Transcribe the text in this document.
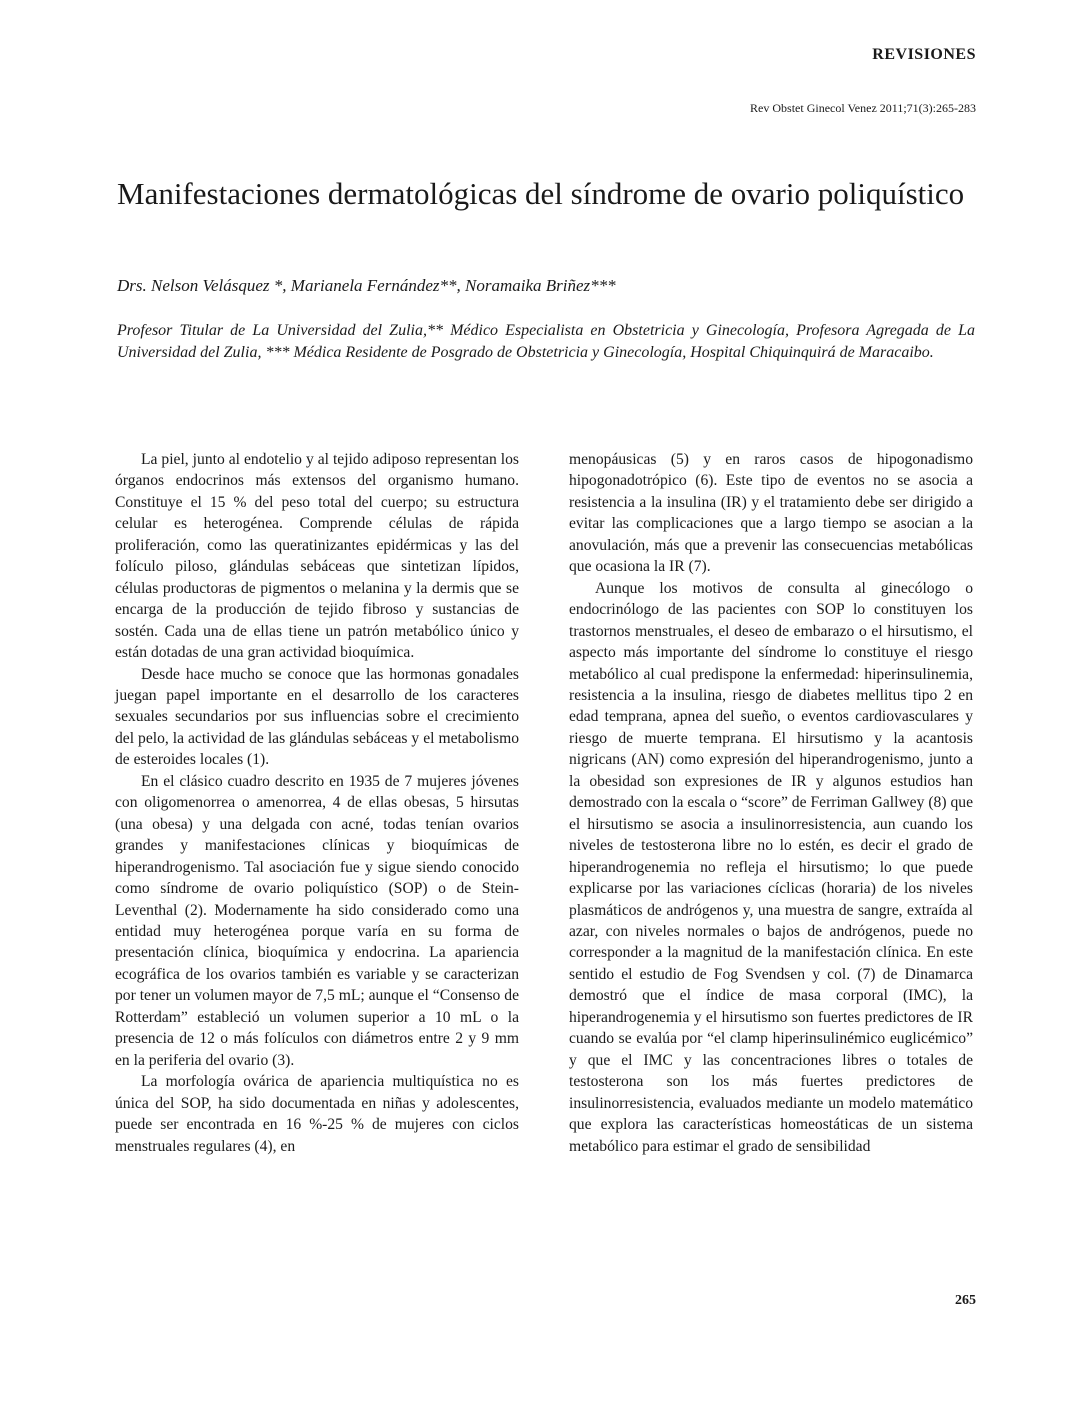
REVISIONES
Rev Obstet Ginecol Venez 2011;71(3):265-283
Manifestaciones dermatológicas del síndrome de ovario poliquístico
Drs. Nelson Velásquez *, Marianela Fernández**, Noramaika Briñez***
Profesor Titular de La Universidad del Zulia,** Médico Especialista en Obstetricia y Ginecología, Profesora Agregada de La Universidad del Zulia, *** Médica Residente de Posgrado de Obstetricia y Ginecología, Hospital Chiquinquirá de Maracaibo.

La piel, junto al endotelio y al tejido adiposo representan los órganos endocrinos más extensos del organismo humano. Constituye el 15 % del peso total del cuerpo; su estructura celular es heterogénea. Comprende células de rápida proliferación, como las queratinizantes epidérmicas y las del folículo piloso, glándulas sebáceas que sintetizan lípidos, células productoras de pigmentos o melanina y la dermis que se encarga de la producción de tejido fibroso y sustancias de sostén. Cada una de ellas tiene un patrón metabólico único y están dotadas de una gran actividad bioquímica.

Desde hace mucho se conoce que las hormonas gonadales juegan papel importante en el desarrollo de los caracteres sexuales secundarios por sus influencias sobre el crecimiento del pelo, la actividad de las glándulas sebáceas y el metabolismo de esteroides locales (1).

En el clásico cuadro descrito en 1935 de 7 mujeres jóvenes con oligomenorrea o amenorrea, 4 de ellas obesas, 5 hirsutas (una obesa) y una delgada con acné, todas tenían ovarios grandes y manifestaciones clínicas y bioquímicas de hiperandrogenismo. Tal asociación fue y sigue siendo conocido como síndrome de ovario poliquístico (SOP) o de Stein-Leventhal (2). Modernamente ha sido considerado como una entidad muy heterogénea porque varía en su forma de presentación clínica, bioquímica y endocrina. La apariencia ecográfica de los ovarios también es variable y se caracterizan por tener un volumen mayor de 7,5 mL; aunque el “Consenso de Rotterdam” estableció un volumen superior a 10 mL o la presencia de 12 o más folículos con diámetros entre 2 y 9 mm en la periferia del ovario (3).

La morfología ovárica de apariencia multiquística no es única del SOP, ha sido documentada en niñas y adolescentes, puede ser encontrada en 16 %-25 % de mujeres con ciclos menstruales regulares (4), en

menopáusicas (5) y en raros casos de hipogonadismo hipogonadotrópico (6). Este tipo de eventos no se asocia a resistencia a la insulina (IR) y el tratamiento debe ser dirigido a evitar las complicaciones que a largo tiempo se asocian a la anovulación, más que a prevenir las consecuencias metabólicas que ocasiona la IR (7).

Aunque los motivos de consulta al ginecólogo o endocrinólogo de las pacientes con SOP lo constituyen los trastornos menstruales, el deseo de embarazo o el hirsutismo, el aspecto más importante del síndrome lo constituye el riesgo metabólico al cual predispone la enfermedad: hiperinsulinemia, resistencia a la insulina, riesgo de diabetes mellitus tipo 2 en edad temprana, apnea del sueño, o eventos cardiovasculares y riesgo de muerte temprana. El hirsutismo y la acantosis nigricans (AN) como expresión del hiperandrogenismo, junto a la obesidad son expresiones de IR y algunos estudios han demostrado con la escala o “score” de Ferriman Gallwey (8) que el hirsutismo se asocia a insulinorresistencia, aun cuando los niveles de testosterona libre no lo estén, es decir el grado de hiperandrogenemia no refleja el hirsutismo; lo que puede explicarse por las variaciones cíclicas (horaria) de los niveles plasmáticos de andrógenos y, una muestra de sangre, extraída al azar, con niveles normales o bajos de andrógenos, puede no corresponder a la magnitud de la manifestación clínica. En este sentido el estudio de Fog Svendsen y col. (7) de Dinamarca demostró que el índice de masa corporal (IMC), la hiperandrogenemia y el hirsutismo son fuertes predictores de IR cuando se evalúa por “el clamp hiperinsulinémico euglicémico” y que el IMC y las concentraciones libres o totales de testosterona son los más fuertes predictores de insulinorresistencia, evaluados mediante un modelo matemático que explora las características homeostáticas de un sistema metabólico para estimar el grado de sensibilidad

265
